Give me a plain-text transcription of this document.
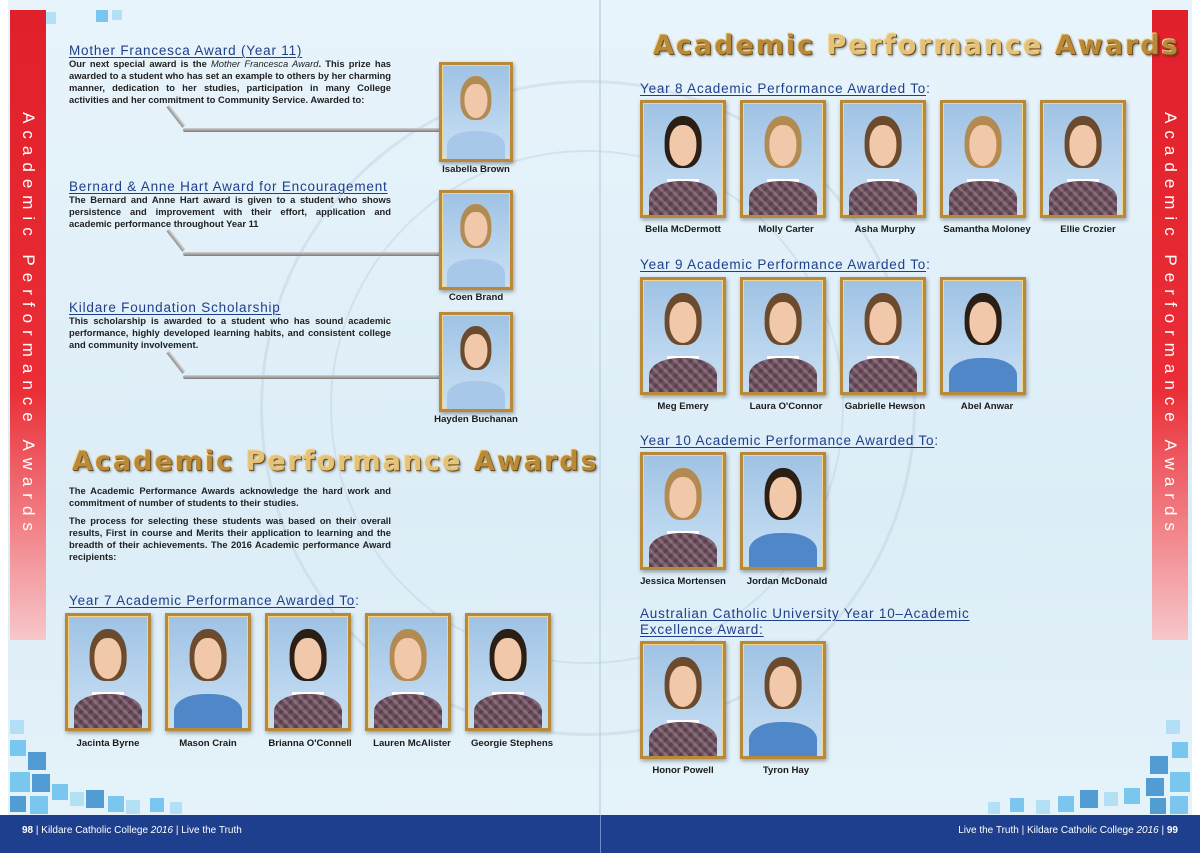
Academic Performance Awards	Academic Performance Awards
Mother Francesca Award (Year 11)
Our next special award is the Mother Francesca Award. This prize has awarded to a student who has set an example to others by her charming manner, dedication to her studies, participation in many College activities and her commitment to Community Service. Awarded to:
Isabella Brown
Bernard & Anne Hart Award for Encouragement
The Bernard and Anne Hart award is given to a student who shows persistence and improvement with their effort, application and academic performance throughout Year 11
Coen Brand
Kildare Foundation Scholarship
This scholarship is awarded to a student who has sound academic performance, highly developed learning habits, and consistent college and community involvement.
Hayden Buchanan
Academic Performance Awards
The Academic Performance Awards acknowledge the hard work and commitment of number of students to their studies.
The process for selecting these students was based on their overall results, First in course and Merits their application to learning and the breadth of their achievements. The 2016 Academic performance Award recipients:
Year 7 Academic Performance Awarded To:
Jacinta Byrne	Mason Crain	Brianna O'Connell	Lauren McAlister	Georgie Stephens
Academic Performance Awards
Year 8 Academic Performance Awarded To:
Bella McDermott	Molly Carter	Asha Murphy	Samantha Moloney	Ellie Crozier
Year 9 Academic Performance Awarded To:
Meg Emery	Laura O'Connor	Gabrielle Hewson	Abel Anwar
Year 10 Academic Performance Awarded To:
Jessica Mortensen	Jordan McDonald
Australian Catholic University Year 10–Academic
Excellence Award:
Honor Powell	Tyron Hay
98 | Kildare Catholic College 2016 | Live the Truth	Live the Truth | Kildare Catholic College 2016 | 99
